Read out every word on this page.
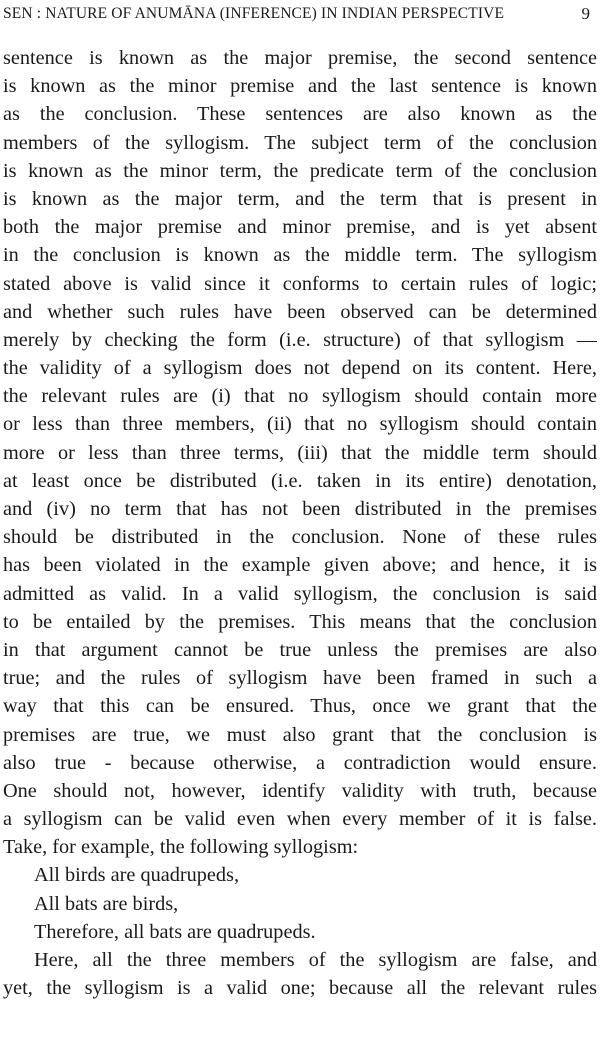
SEN : NATURE OF ANUMĀNA (INFERENCE) IN INDIAN PERSPECTIVE	9
sentence is known as the major premise, the second sentence
is known as the minor premise and the last sentence is known
as the conclusion. These sentences are also known as the
members of the syllogism. The subject term of the conclusion
is known as the minor term, the predicate term of the conclusion
is known as the major term, and the term that is present in
both the major premise and minor premise, and is yet absent
in the conclusion is known as the middle term. The syllogism
stated above is valid since it conforms to certain rules of logic;
and whether such rules have been observed can be determined
merely by checking the form (i.e. structure) of that syllogism —
the validity of a syllogism does not depend on its content. Here,
the relevant rules are (i) that no syllogism should contain more
or less than three members, (ii) that no syllogism should contain
more or less than three terms, (iii) that the middle term should
at least once be distributed (i.e. taken in its entire) denotation,
and (iv) no term that has not been distributed in the premises
should be distributed in the conclusion. None of these rules
has been violated in the example given above; and hence, it is
admitted as valid. In a valid syllogism, the conclusion is said
to be entailed by the premises. This means that the conclusion
in that argument cannot be true unless the premises are also
true; and the rules of syllogism have been framed in such a
way that this can be ensured. Thus, once we grant that the
premises are true, we must also grant that the conclusion is
also true - because otherwise, a contradiction would ensure.
One should not, however, identify validity with truth, because
a syllogism can be valid even when every member of it is false.
Take, for example, the following syllogism:
All birds are quadrupeds,
All bats are birds,
Therefore, all bats are quadrupeds.
Here, all the three members of the syllogism are false, and
yet, the syllogism is a valid one; because all the relevant rules
